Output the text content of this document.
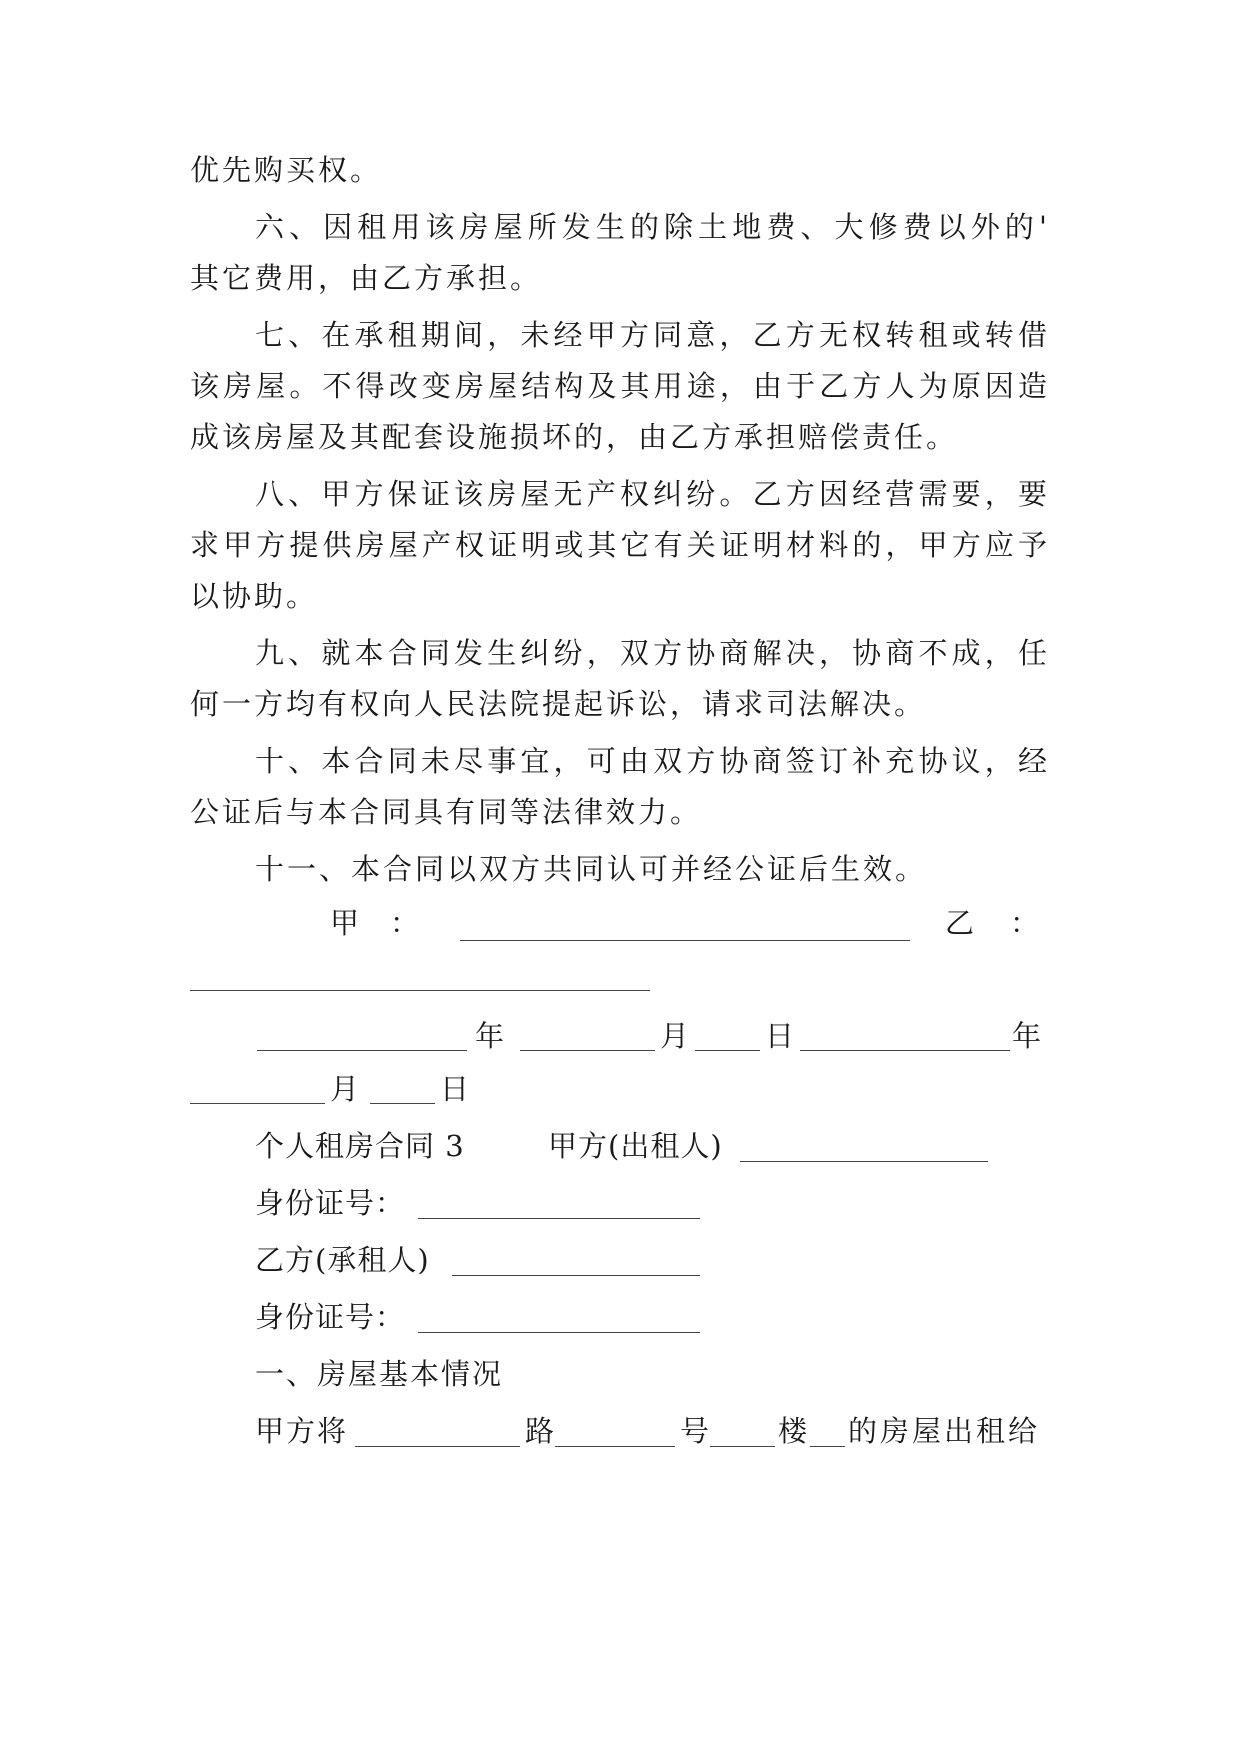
优先购买权。
六、因租用该房屋所发生的除土地费、大修费以外的'
其它费用，由乙方承担。
七、在承租期间，未经甲方同意，乙方无权转租或转借
该房屋。不得改变房屋结构及其用途，由于乙方人为原因造
成该房屋及其配套设施损坏的，由乙方承担赔偿责任。
八、甲方保证该房屋无产权纠纷。乙方因经营需要，要
求甲方提供房屋产权证明或其它有关证明材料的，甲方应予
以协助。
九、就本合同发生纠纷，双方协商解决，协商不成，任
何一方均有权向人民法院提起诉讼，请求司法解决。
十、本合同未尽事宜，可由双方协商签订补充协议，经
公证后与本合同具有同等法律效力。
十一、本合同以双方共同认可并经公证后生效。
甲 ：	乙 ：
年	月	日	年
月	日
个人租房合同 3	甲方(出租人)
身份证号：
乙方(承租人)
身份证号：
一、房屋基本情况
甲方将	路	号 楼 的房屋出租给
